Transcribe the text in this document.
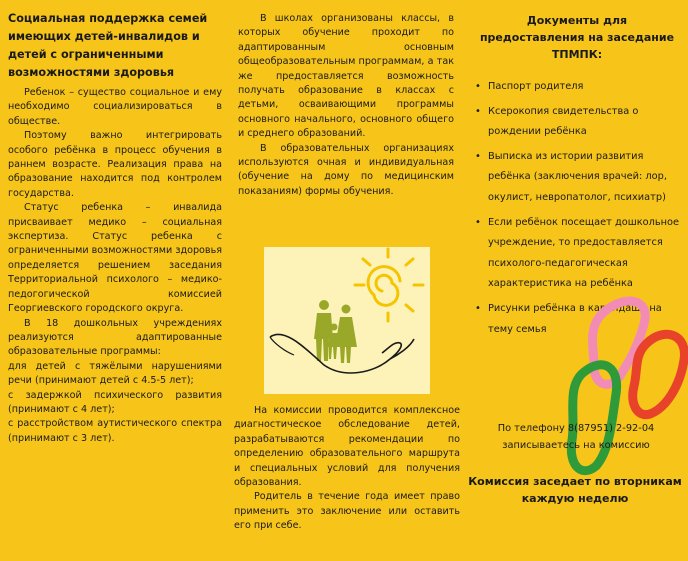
Социальная поддержка семей имеющих детей-инвалидов и детей с ограниченными возможностями здоровья

Ребенок – существо социальное и ему необходимо социализироваться в обществе.

Поэтому важно интегрировать особого ребёнка в процесс обучения в раннем возрасте. Реализация права на образование находится под контролем государства.

Статус ребенка – инвалида присваивает медико – социальная экспертиза. Статус ребенка с ограниченными возможностями здоровья определяется решением заседания Территориальной психолого – медико-педогогической комиссией Георгиевского городского округа.

В 18 дошкольных учреждениях реализуются адаптированные образовательные программы:

для детей с тяжёлыми нарушениями речи (принимают детей с 4.5-5 лет);

с задержкой психического развития (принимают с 4 лет);

с расстройством аутистического спектра (принимают с 3 лет).

В школах организованы классы, в которых обучение проходит по адаптированным основным общеобразовательным программам, а так же предоставляется возможность получать образование в классах с детьми, осваивающими программы основного начального, основного общего и среднего образований.

В образовательных организациях используются очная и индивидуальная (обучение на дому по медицинским показаниям) формы обучения.

На комиссии проводится комплексное диагностическое обследование детей, разрабатываются рекомендации по определению образовательного маршрута и специальных условий для получения образования.

Родитель в течение года имеет право применить это заключение или оставить его при себе.

Документы для предоставления на заседание ТПМПК:
• Паспорт родителя
• Ксерокопия свидетельства о рождении ребёнка
• Выписка из истории развития ребёнка (заключения врачей: лор, окулист, невропатолог, психиатр)
• Если ребёнок посещает дошкольное учреждение, то предоставляется психолого-педагогическая характеристика на ребёнка
• Рисунки ребёнка в карандаше на тему семья
По телефону 8(87951) 2-92-04
записываетесь на комиссию
Комиссия заседает по вторникам каждую неделю
